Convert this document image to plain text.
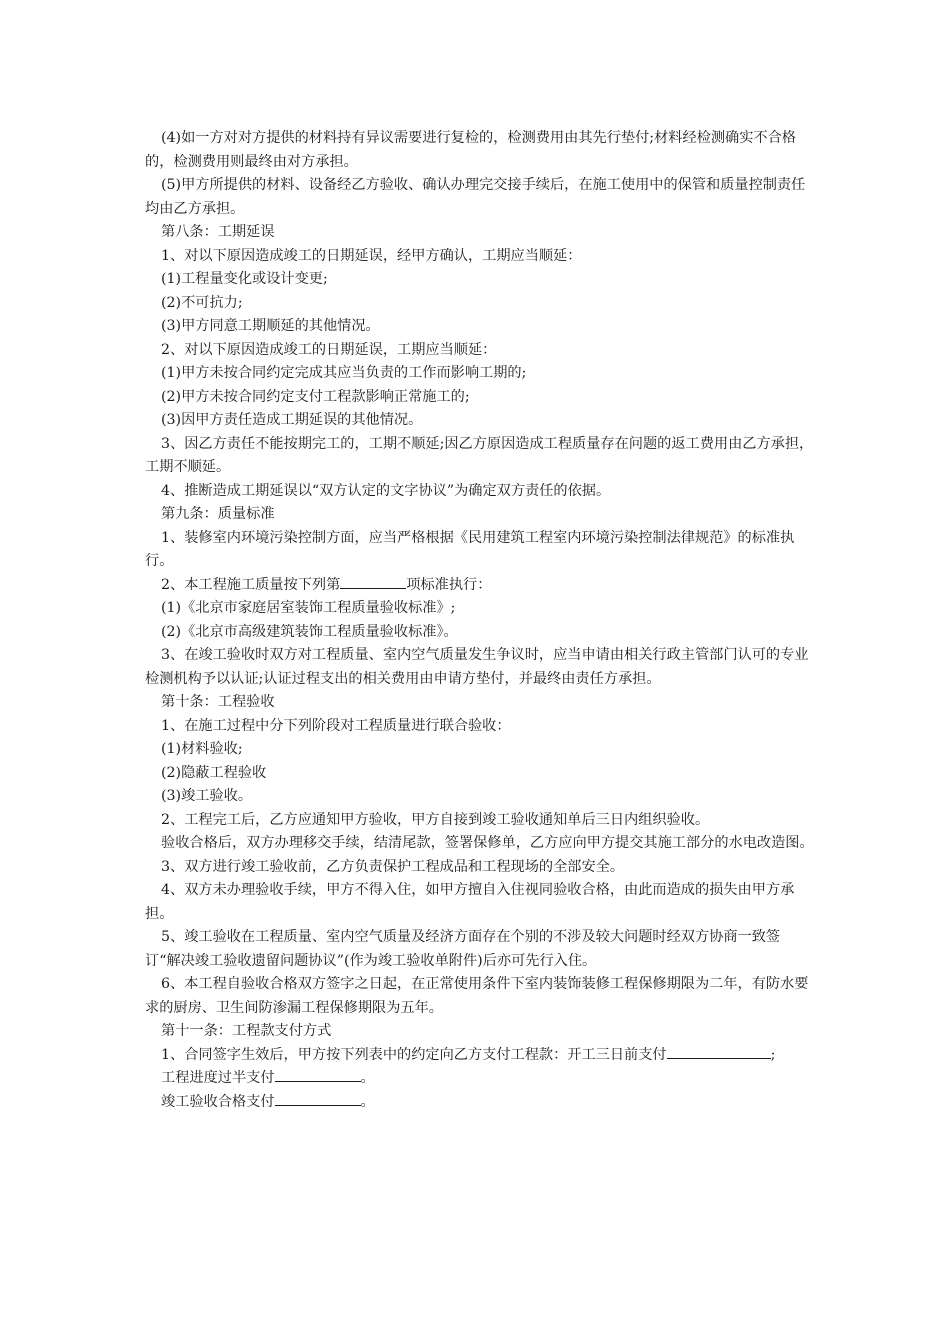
(4)如一方对对方提供的材料持有异议需要进行复检的，检测费用由其先行垫付;材料经检测确实不合格的，检测费用则最终由对方承担。

(5)甲方所提供的材料、设备经乙方验收、确认办理完交接手续后，在施工使用中的保管和质量控制责任均由乙方承担。

第八条：工期延误

1、对以下原因造成竣工的日期延误，经甲方确认，工期应当顺延：

(1)工程量变化或设计变更;

(2)不可抗力;

(3)甲方同意工期顺延的其他情况。

2、对以下原因造成竣工的日期延误，工期应当顺延：

(1)甲方未按合同约定完成其应当负责的工作而影响工期的;

(2)甲方未按合同约定支付工程款影响正常施工的;

(3)因甲方责任造成工期延误的其他情况。

3、因乙方责任不能按期完工的，工期不顺延;因乙方原因造成工程质量存在问题的返工费用由乙方承担，工期不顺延。

4、推断造成工期延误以“双方认定的文字协议”为确定双方责任的依据。

第九条：质量标准

1、装修室内环境污染控制方面，应当严格根据《民用建筑工程室内环境污染控制法律规范》的标准执行。

2、本工程施工质量按下列第	项标准执行：

(1)《北京市家庭居室装饰工程质量验收标准》;

(2)《北京市高级建筑装饰工程质量验收标准》。

3、在竣工验收时双方对工程质量、室内空气质量发生争议时，应当申请由相关行政主管部门认可的专业检测机构予以认证;认证过程支出的相关费用由申请方垫付，并最终由责任方承担。

第十条：工程验收

1、在施工过程中分下列阶段对工程质量进行联合验收：

(1)材料验收;

(2)隐蔽工程验收

(3)竣工验收。

2、工程完工后，乙方应通知甲方验收，甲方自接到竣工验收通知单后三日内组织验收。

验收合格后，双方办理移交手续，结清尾款，签署保修单，乙方应向甲方提交其施工部分的水电改造图。

3、双方进行竣工验收前，乙方负责保护工程成品和工程现场的全部安全。

4、双方未办理验收手续，甲方不得入住，如甲方擅自入住视同验收合格，由此而造成的损失由甲方承担。

5、竣工验收在工程质量、室内空气质量及经济方面存在个别的不涉及较大问题时经双方协商一致签订“解决竣工验收遗留问题协议”(作为竣工验收单附件)后亦可先行入住。

6、本工程自验收合格双方签字之日起，在正常使用条件下室内装饰装修工程保修期限为二年，有防水要求的厨房、卫生间防渗漏工程保修期限为五年。

第十一条：工程款支付方式

1、合同签字生效后，甲方按下列表中的约定向乙方支付工程款：开工三日前支付	;

工程进度过半支付	。

竣工验收合格支付	。
